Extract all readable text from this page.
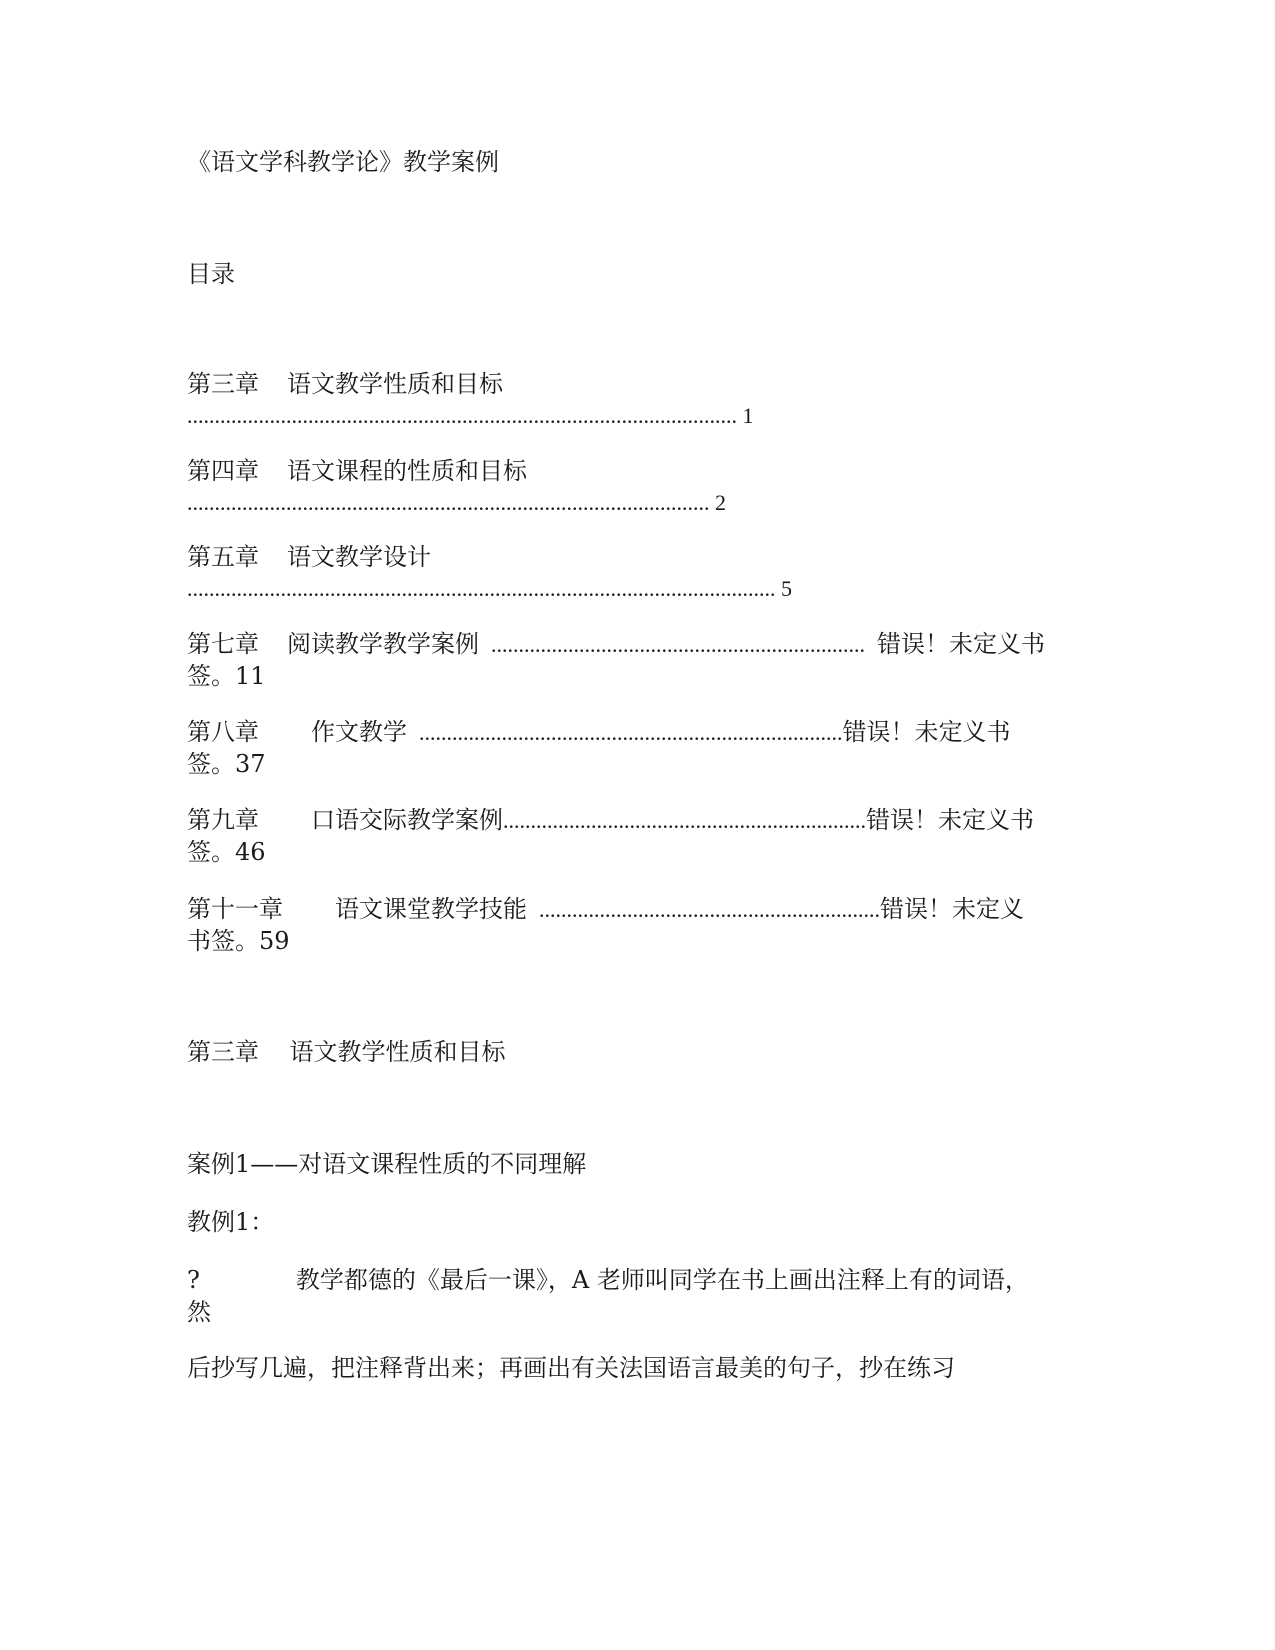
《语文学科教学论》教学案例
目录
第三章 语文教学性质和目标
.................................................................................................... 1
第四章 语文课程的性质和目标
............................................................................................... 2
第五章 语文教学设计
........................................................................................................... 5
第七章 阅读教学教学案例 .................................................................... 错误！未定义书
签。11
第八章 作文教学 .............................................................................错误！未定义书
签。37
第九章 口语交际教学案例..................................................................错误！未定义书
签。46
第十一章 语文课堂教学技能 ..............................................................错误！未定义
书签。59
第三章    语文教学性质和目标
案例1——对语文课程性质的不同理解
教例1：
?	教学都德的《最后一课》，A 老师叫同学在书上画出注释上有的词语，
然
后抄写几遍，把注释背出来；再画出有关法国语言最美的句子，抄在练习
